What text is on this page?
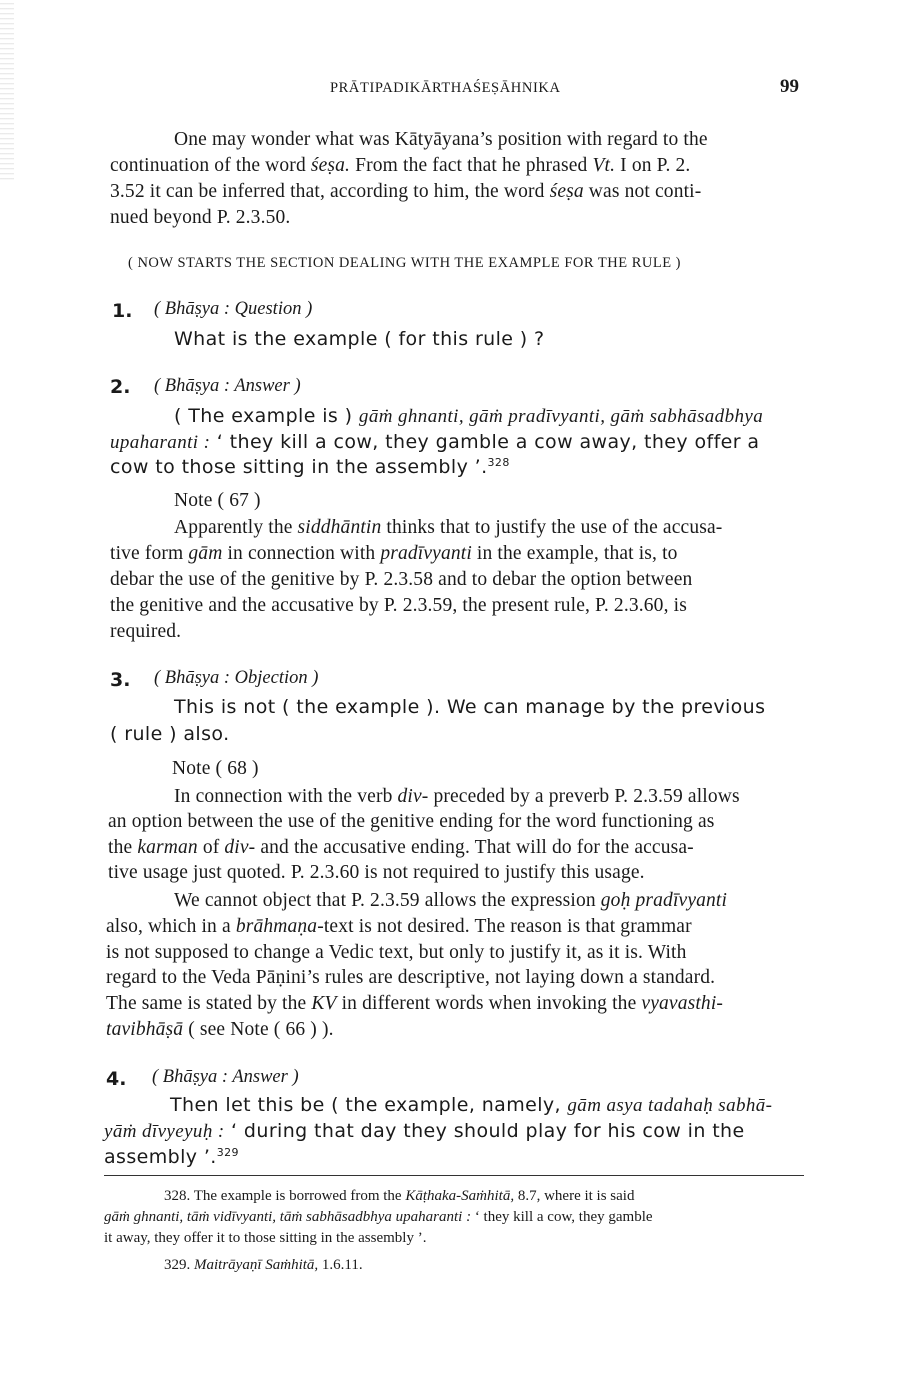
PRĀTIPADIKĀRTHAŚEṢĀHNIKA	99
One may wonder what was Kātyāyana’s position with regard to the
continuation of the word śeṣa. From the fact that he phrased Vt. I on P. 2.
3.52 it can be inferred that, according to him, the word śeṣa was not conti-
nued beyond P. 2.3.50.
( NOW STARTS THE SECTION DEALING WITH THE EXAMPLE FOR THE RULE )
1. ( Bhāṣya : Question )
What is the example ( for this rule ) ?
2. ( Bhāṣya : Answer )
( The example is ) gāṁ ghnanti, gāṁ pradīvyanti, gāṁ sabhāsadbhya
upaharanti : ‘ they kill a cow, they gamble a cow away, they offer a
cow to those sitting in the assembly ’.$^{328}$
Note ( 67 )
Apparently the siddhāntin thinks that to justify the use of the accusa-
tive form gām in connection with pradīvyanti in the example, that is, to
debar the use of the genitive by P. 2.3.58 and to debar the option between
the genitive and the accusative by P. 2.3.59, the present rule, P. 2.3.60, is
required.
3. ( Bhāṣya : Objection )
This is not ( the example ). We can manage by the previous
( rule ) also.
Note ( 68 )
In connection with the verb div- preceded by a preverb P. 2.3.59 allows
an option between the use of the genitive ending for the word functioning as
the karman of div- and the accusative ending. That will do for the accusa-
tive usage just quoted. P. 2.3.60 is not required to justify this usage.
We cannot object that P. 2.3.59 allows the expression goḥ pradīvyanti
also, which in a brāhmaṇa-text is not desired. The reason is that grammar
is not supposed to change a Vedic text, but only to justify it, as it is. With
regard to the Veda Pāṇini’s rules are descriptive, not laying down a standard.
The same is stated by the KV in different words when invoking the vyavasthi-
tavibhāṣā ( see Note ( 66 ) ).
4. ( Bhāṣya : Answer )
Then let this be ( the example, namely, gām asya tadahaḥ sabhā-
yāṁ dīvyeyuḥ : ‘ during that day they should play for his cow in the
assembly ’.$^{329}$
328. The example is borrowed from the Kāṭhaka-Saṁhitā, 8.7, where it is said
gāṁ ghnanti, tāṁ vidīvyanti, tāṁ sabhāsadbhya upaharanti : ‘ they kill a cow, they gamble
it away, they offer it to those sitting in the assembly ’.
329. Maitrāyaṇī Saṁhitā, 1.6.11.
